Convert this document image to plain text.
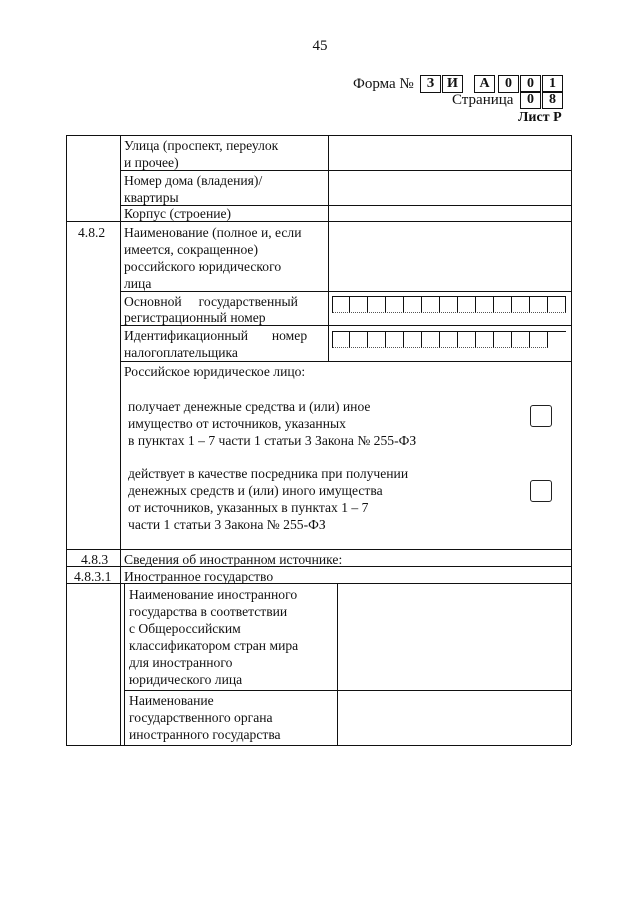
45
Форма № З И	А	0	0	1
Страница 0	8
Лист Р
Улица (проспект, переулок
и прочее)
Номер дома (владения)/
квартиры
Корпус (строение)
4.8.2 Наименование (полное и, если
имеется, сокращенное)
российского юридического
лица
Основной     государственный
регистрационный номер
Идентификационный       номер
налогоплательщика
Российское юридическое лицо:
получает денежные средства и (или) иное
имущество от источников, указанных
в пунктах 1 – 7 части 1 статьи 3 Закона № 255-ФЗ
действует в качестве посредника при получении
денежных средств и (или) иного имущества
от источников, указанных в пунктах 1 – 7
части 1 статьи 3 Закона № 255-ФЗ
4.8.3 Сведения об иностранном источнике:
4.8.3.1 Иностранное государство
Наименование иностранного
государства в соответствии
с Общероссийским
классификатором стран мира
для иностранного
юридического лица
Наименование
государственного органа
иностранного государства
